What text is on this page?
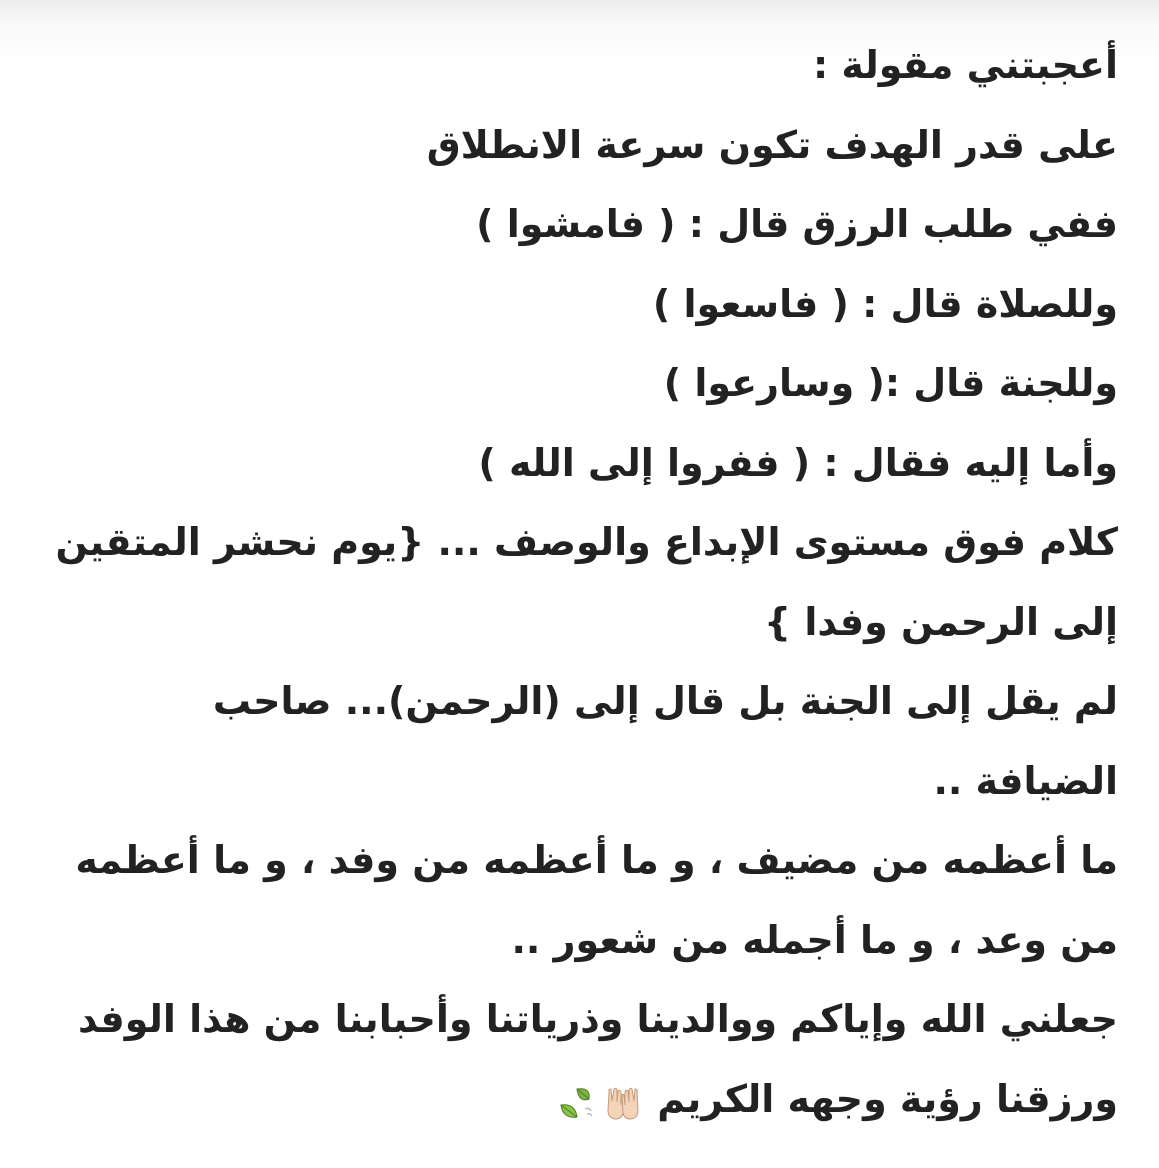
أعجبتني مقولة :
على قدر الهدف تكون سرعة الانطلاق
ففي طلب الرزق قال : ( فامشوا )
وللصلاة قال : ( فاسعوا )
وللجنة قال :( وسارعوا )
وأما إليه فقال : ( ففروا إلى الله )
كلام فوق مستوى الإبداع والوصف ... {يوم نحشر المتقين
إلى الرحمن وفدا }
لم يقل إلى الجنة بل قال إلى (الرحمن)... صاحب
الضيافة ..
ما أعظمه من مضيف ، و ما أعظمه من وفد ، و ما أعظمه
من وعد ، و ما أجمله من شعور ..
جعلني الله وإياكم ووالدينا وذرياتنا وأحبابنا من هذا الوفد
ورزقنا رؤية وجهه الكريم
